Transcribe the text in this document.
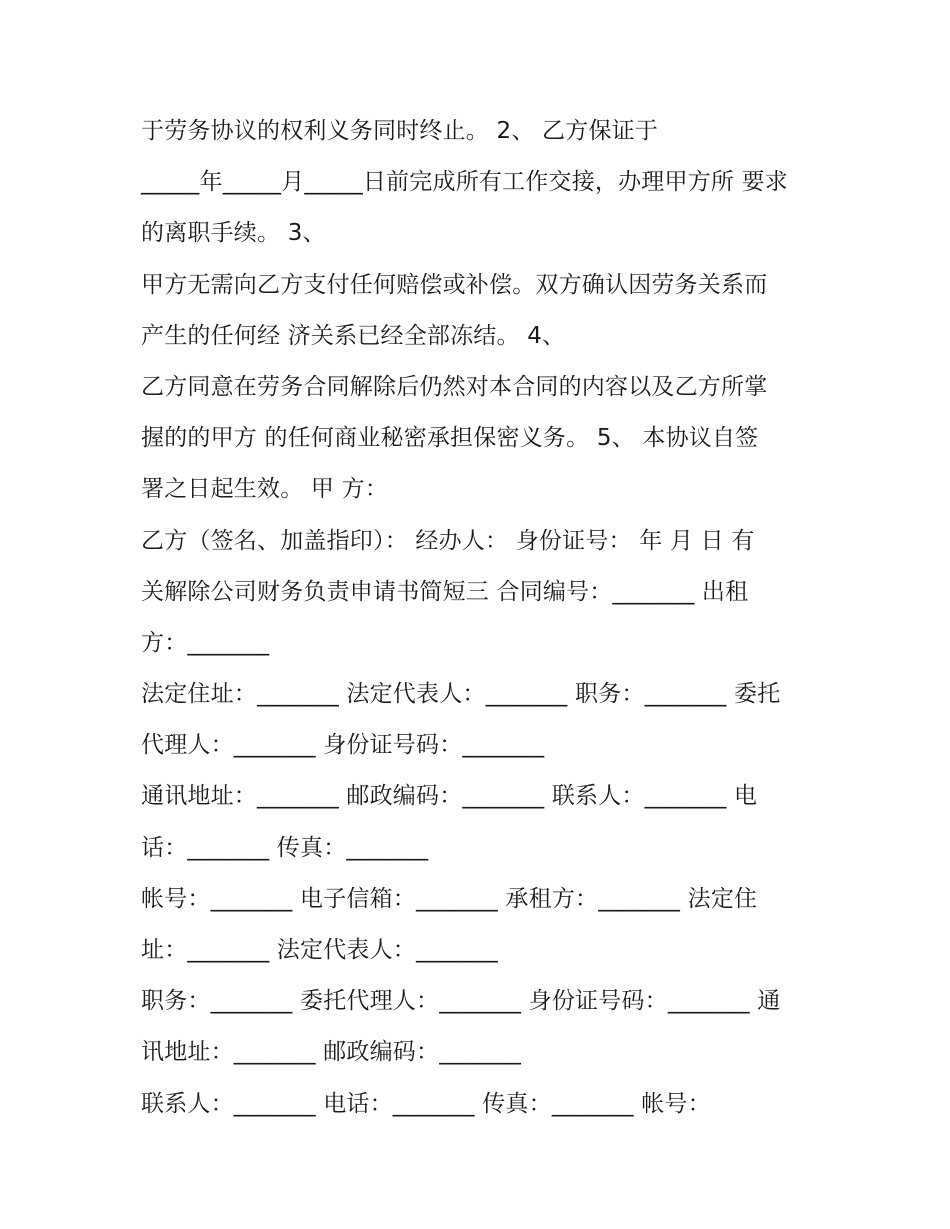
于劳务协议的权利义务同时终止。 2、 乙方保证于
_____年_____月_____日前完成所有工作交接，办理甲方所 要求
的离职手续。 3、
甲方无需向乙方支付任何赔偿或补偿。双方确认因劳务关系而
产生的任何经 济关系已经全部冻结。 4、
乙方同意在劳务合同解除后仍然对本合同的内容以及乙方所掌
握的的甲方 的任何商业秘密承担保密义务。 5、 本协议自签
署之日起生效。 甲 方：
乙方（签名、加盖指印）： 经办人： 身份证号： 年 月 日 有
关解除公司财务负责申请书简短三 合同编号：_______ 出租
方：_______
法定住址：_______ 法定代表人：_______ 职务：_______ 委托
代理人：_______ 身份证号码：_______
通讯地址：_______ 邮政编码：_______ 联系人：_______ 电
话：_______ 传真：_______
帐号：_______ 电子信箱：_______ 承租方：_______ 法定住
址：_______ 法定代表人：_______
职务：_______ 委托代理人：_______ 身份证号码：_______ 通
讯地址：_______ 邮政编码：_______
联系人：_______ 电话：_______ 传真：_______ 帐号：
